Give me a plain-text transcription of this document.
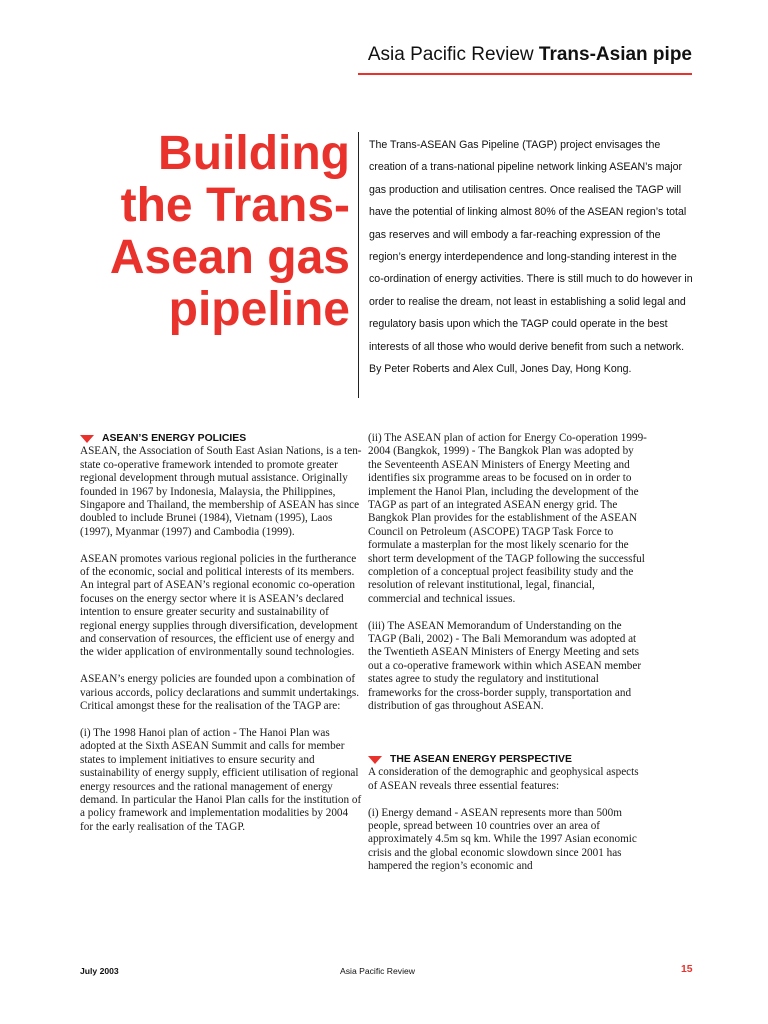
Asia Pacific Review Trans-Asian pipe
Building
the Trans-
Asean gas
pipeline

The Trans-ASEAN Gas Pipeline (TAGP) project envisages the creation of a trans-national pipeline network linking ASEAN’s major gas production and utilisation centres. Once realised the TAGP will have the potential of linking almost 80% of the ASEAN region’s total gas reserves and will embody a far-reaching expression of the region’s energy interdependence and long-standing interest in the co-ordination of energy activities. There is still much to do however in order to realise the dream, not least in establishing a solid legal and regulatory basis upon which the TAGP could operate in the best interests of all those who would derive benefit from such a network. By Peter Roberts and Alex Cull, Jones Day, Hong Kong.

ASEAN’S ENERGY POLICIES

ASEAN, the Association of South East Asian Nations, is a ten-state co-operative framework intended to promote greater regional development through mutual assistance. Originally founded in 1967 by Indonesia, Malaysia, the Philippines, Singapore and Thailand, the membership of ASEAN has since doubled to include Brunei (1984), Vietnam (1995), Laos (1997), Myanmar (1997) and Cambodia (1999).

ASEAN promotes various regional policies in the furtherance of the economic, social and political interests of its members. An integral part of ASEAN’s regional economic co-operation focuses on the energy sector where it is ASEAN’s declared intention to ensure greater security and sustainability of regional energy supplies through diversification, development and conservation of resources, the efficient use of energy and the wider application of environmentally sound technologies.

ASEAN’s energy policies are founded upon a combination of various accords, policy declarations and summit undertakings. Critical amongst these for the realisation of the TAGP are:

(i) The 1998 Hanoi plan of action - The Hanoi Plan was adopted at the Sixth ASEAN Summit and calls for member states to implement initiatives to ensure security and sustainability of energy supply, efficient utilisation of regional energy resources and the rational management of energy demand. In particular the Hanoi Plan calls for the institution of a policy framework and implementation modalities by 2004 for the early realisation of the TAGP.

(ii) The ASEAN plan of action for Energy Co-operation 1999-2004 (Bangkok, 1999) - The Bangkok Plan was adopted by the Seventeenth ASEAN Ministers of Energy Meeting and identifies six programme areas to be focused on in order to implement the Hanoi Plan, including the development of the TAGP as part of an integrated ASEAN energy grid. The Bangkok Plan provides for the establishment of the ASEAN Council on Petroleum (ASCOPE) TAGP Task Force to formulate a masterplan for the most likely scenario for the short term development of the TAGP following the successful completion of a conceptual project feasibility study and the resolution of relevant institutional, legal, financial, commercial and technical issues.

(iii) The ASEAN Memorandum of Understanding on the TAGP (Bali, 2002) - The Bali Memorandum was adopted at the Twentieth ASEAN Ministers of Energy Meeting and sets out a co-operative framework within which ASEAN member states agree to study the regulatory and institutional frameworks for the cross-border supply, transportation and distribution of gas throughout ASEAN.

THE ASEAN ENERGY PERSPECTIVE

A consideration of the demographic and geophysical aspects of ASEAN reveals three essential features:

(i) Energy demand - ASEAN represents more than 500m people, spread between 10 countries over an area of approximately 4.5m sq km. While the 1997 Asian economic crisis and the global economic slowdown since 2001 has hampered the region’s economic and

July 2003	Asia Pacific Review	15
